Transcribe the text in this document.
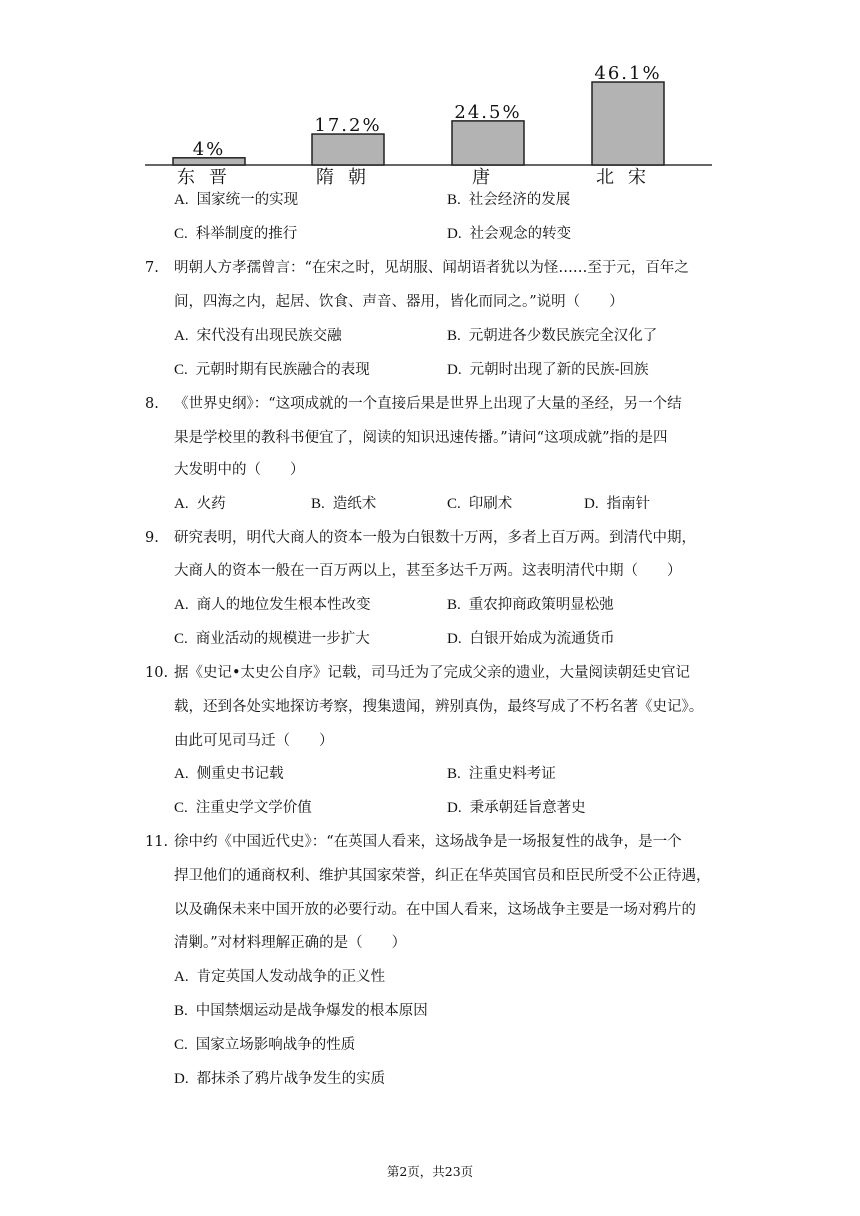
4%
东晋
17.2%
隋朝
24.5%
唐
46.1%
北宋
A. 国家统一的实现	B. 社会经济的发展
C. 科举制度的推行	D. 社会观念的转变
7. 明朝人方孝孺曾言：“在宋之时，见胡服、闻胡语者犹以为怪……至于元，百年之
间，四海之内，起居、饮食、声音、器用，皆化而同之。”说明（　　）
A. 宋代没有出现民族交融	B. 元朝进各少数民族完全汉化了
C. 元朝时期有民族融合的表现	D. 元朝时出现了新的民族-回族
8. 《世界史纲》：“这项成就的一个直接后果是世界上出现了大量的圣经，另一个结
果是学校里的教科书便宜了，阅读的知识迅速传播。”请问“这项成就”指的是四
大发明中的（　　）
A. 火药	B. 造纸术	C. 印刷术	D. 指南针
9. 研究表明，明代大商人的资本一般为白银数十万两，多者上百万两。到清代中期，
大商人的资本一般在一百万两以上，甚至多达千万两。这表明清代中期（　　）
A. 商人的地位发生根本性改变	B. 重农抑商政策明显松弛
C. 商业活动的规模进一步扩大	D. 白银开始成为流通货币
10. 据《史记•太史公自序》记载，司马迁为了完成父亲的遗业，大量阅读朝廷史官记
载，还到各处实地探访考察，搜集遗闻，辨别真伪，最终写成了不朽名著《史记》。
由此可见司马迁（　　）
A. 侧重史书记载	B. 注重史料考证
C. 注重史学文学价值	D. 秉承朝廷旨意著史
11. 徐中约《中国近代史》：“在英国人看来，这场战争是一场报复性的战争，是一个
捍卫他们的通商权利、维护其国家荣誉，纠正在华英国官员和臣民所受不公正待遇，
以及确保未来中国开放的必要行动。在中国人看来，这场战争主要是一场对鸦片的
清剿。”对材料理解正确的是（　　）
A. 肯定英国人发动战争的正义性
B. 中国禁烟运动是战争爆发的根本原因
C. 国家立场影响战争的性质
D. 都抹杀了鸦片战争发生的实质
第2页，共23页
